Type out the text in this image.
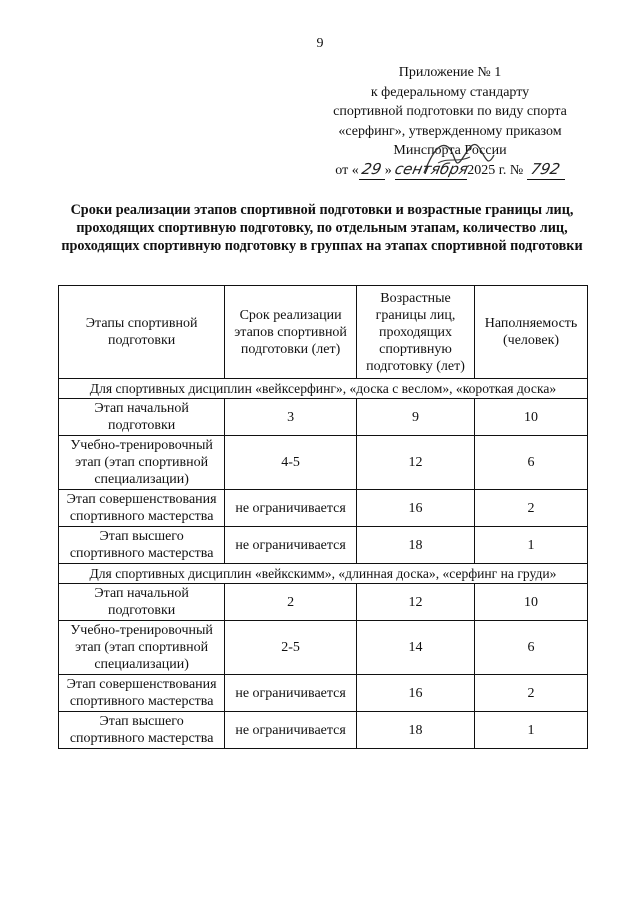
9
Приложение № 1
к федеральному стандарту
спортивной подготовки по виду спорта
«серфинг», утвержденному приказом
Минспорта России
от « 29» сентября2025 г. № 792
Сроки реализации этапов спортивной подготовки и возрастные границы лиц, проходящих спортивную подготовку, по отдельным этапам, количество лиц, проходящих спортивную подготовку в группах на этапах спортивной подготовки
Этапы спортивной подготовки	Срок реализации этапов спортивной подготовки (лет)	Возрастные границы лиц, проходящих спортивную подготовку (лет)	Наполняемость (человек)
Для спортивных дисциплин «вейксерфинг», «доска с веслом», «короткая доска»			
Этап начальной подготовки	3	9	10
Учебно-тренировочный этап (этап спортивной специализации)	4-5	12	6
Этап совершенствования спортивного мастерства	не ограничивается	16	2
Этап высшего спортивного мастерства	не ограничивается	18	1
Для спортивных дисциплин «вейкскимм», «длинная доска», «серфинг на груди»			
Этап начальной подготовки	2	12	10
Учебно-тренировочный этап (этап спортивной специализации)	2-5	14	6
Этап совершенствования спортивного мастерства	не ограничивается	16	2
Этап высшего спортивного мастерства	не ограничивается	18	1
